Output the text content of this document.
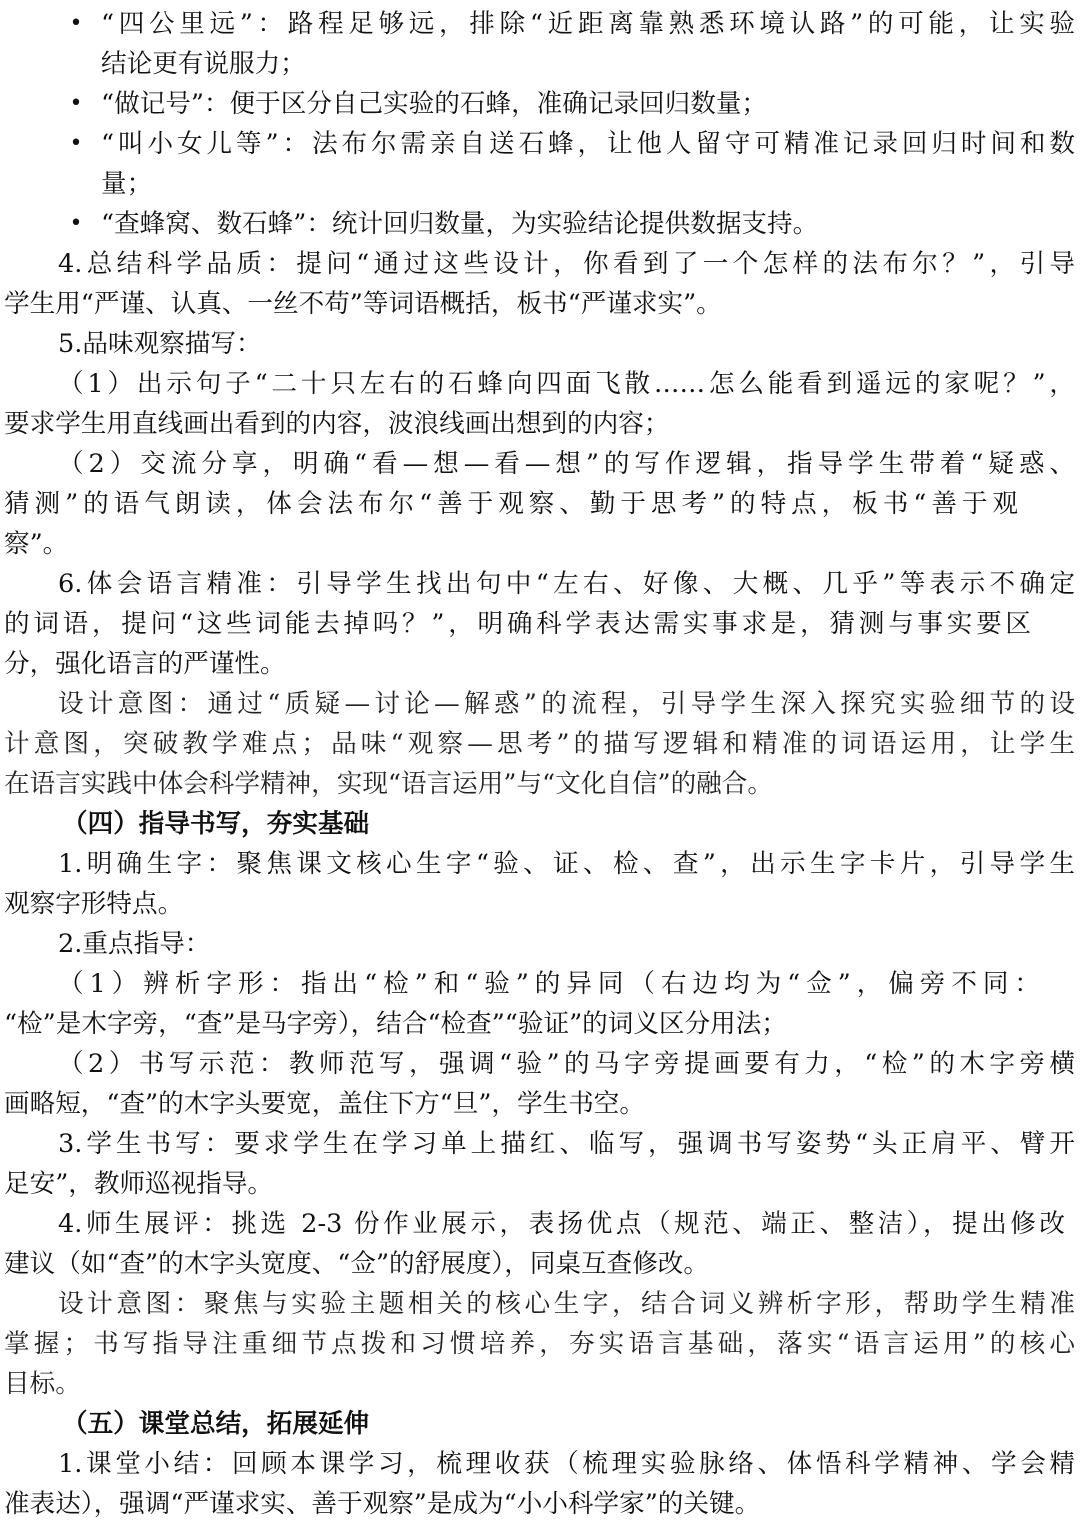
• “四公里远”：路程足够远，排除“近距离靠熟悉环境认路”的可能，让实验
结论更有说服力；
• “做记号”：便于区分自己实验的石蜂，准确记录回归数量；
• “叫小女儿等”：法布尔需亲自送石蜂，让他人留守可精准记录回归时间和数
量；
• “查蜂窝、数石蜂”：统计回归数量，为实验结论提供数据支持。
4.总结科学品质：提问“通过这些设计，你看到了一个怎样的法布尔？”，引导
学生用“严谨、认真、一丝不苟”等词语概括，板书“严谨求实”。
5.品味观察描写：
（1）出示句子“二十只左右的石蜂向四面飞散……怎么能看到遥远的家呢？”，
要求学生用直线画出看到的内容，波浪线画出想到的内容；
（2）交流分享，明确“看—想—看—想”的写作逻辑，指导学生带着“疑惑、
猜测”的语气朗读，体会法布尔“善于观察、勤于思考”的特点，板书“善于观
察”。
6.体会语言精准：引导学生找出句中“左右、好像、大概、几乎”等表示不确定
的词语，提问“这些词能去掉吗？”，明确科学表达需实事求是，猜测与事实要区
分，强化语言的严谨性。
设计意图：通过“质疑—讨论—解惑”的流程，引导学生深入探究实验细节的设
计意图，突破教学难点；品味“观察—思考”的描写逻辑和精准的词语运用，让学生
在语言实践中体会科学精神，实现“语言运用”与“文化自信”的融合。
（四）指导书写，夯实基础
1.明确生字：聚焦课文核心生字“验、证、检、查”，出示生字卡片，引导学生
观察字形特点。
2.重点指导：
（1）辨析字形：指出“检”和“验”的异同（右边均为“佥”，偏旁不同：
“检”是木字旁，“查”是马字旁），结合“检查”“验证”的词义区分用法；
（2）书写示范：教师范写，强调“验”的马字旁提画要有力，“检”的木字旁横
画略短，“查”的木字头要宽，盖住下方“旦”，学生书空。
3.学生书写：要求学生在学习单上描红、临写，强调书写姿势“头正肩平、臂开
足安”，教师巡视指导。
4.师生展评：挑选 2-3 份作业展示，表扬优点（规范、端正、整洁），提出修改
建议（如“查”的木字头宽度、“佥”的舒展度），同桌互查修改。
设计意图：聚焦与实验主题相关的核心生字，结合词义辨析字形，帮助学生精准
掌握；书写指导注重细节点拨和习惯培养，夯实语言基础，落实“语言运用”的核心
目标。
（五）课堂总结，拓展延伸
1.课堂小结：回顾本课学习，梳理收获（梳理实验脉络、体悟科学精神、学会精
准表达），强调“严谨求实、善于观察”是成为“小小科学家”的关键。
